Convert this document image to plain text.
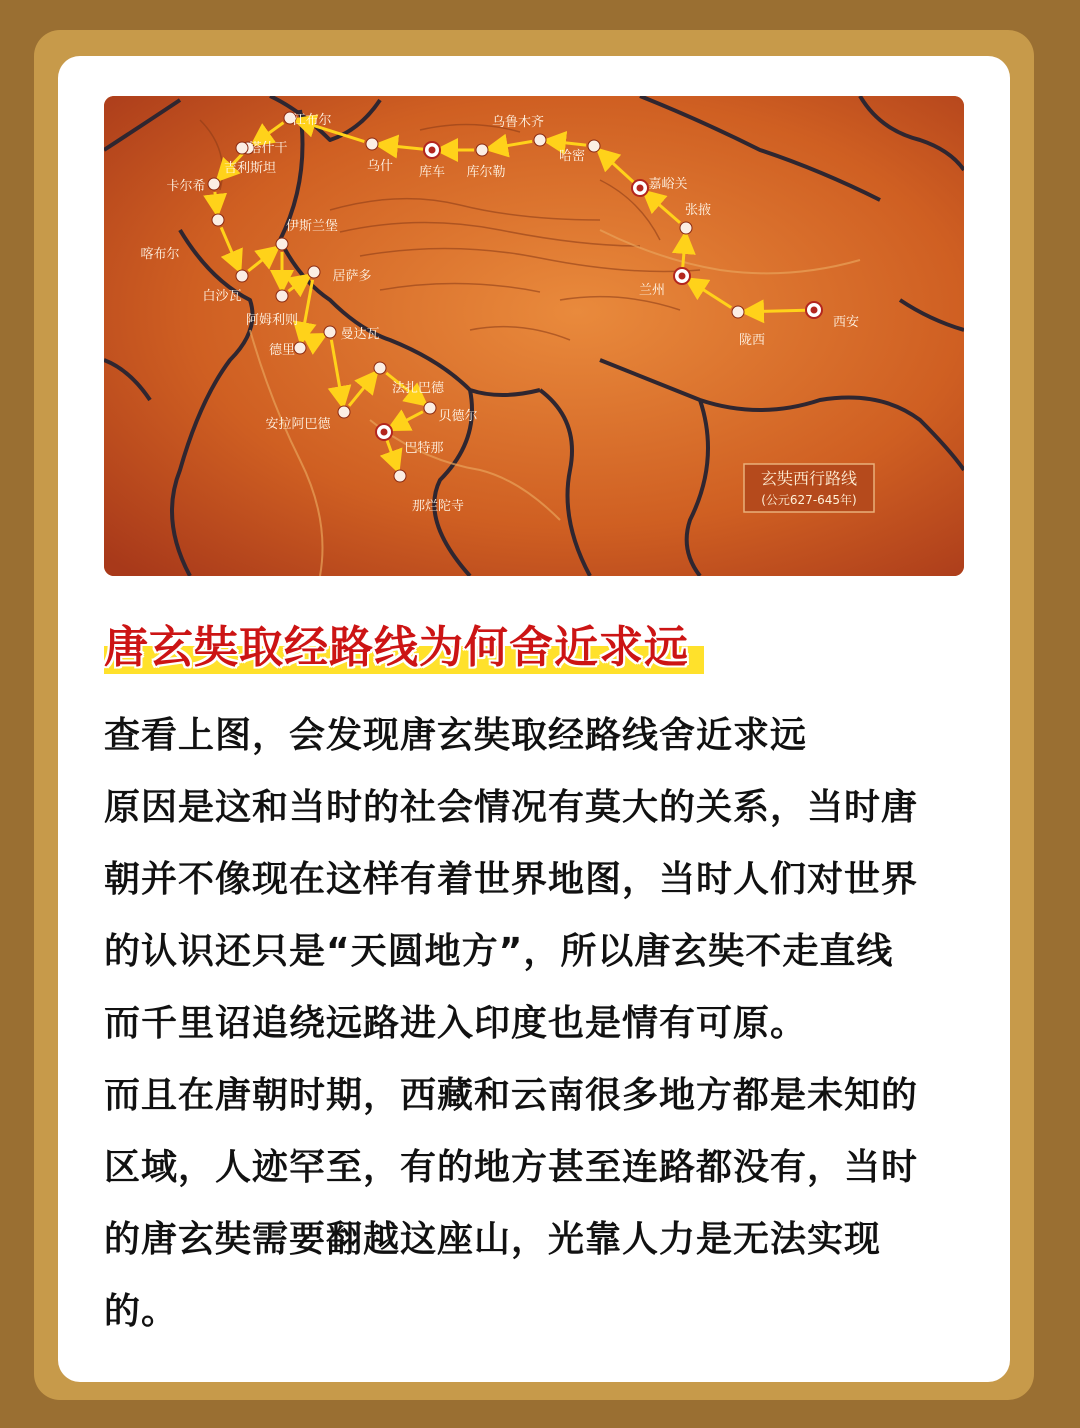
江布尔
塔什干
吉利斯坦
卡尔希
喀布尔
白沙瓦
伊斯兰堡
阿姆利则
居萨多
德里
曼达瓦
安拉阿巴德
法扎巴德
贝德尔
巴特那
那烂陀寺
乌什 库车 库尔勒
乌鲁木齐
哈密
嘉峪关
张掖
兰州
陇西
西安
玄奘西行路线
(公元627-645年)
唐玄奘取经路线为何舍近求远

查看上图，会发现唐玄奘取经路线舍近求远

原因是这和当时的社会情况有莫大的关系，当时唐

朝并不像现在这样有着世界地图，当时人们对世界

的认识还只是“天圆地方”，所以唐玄奘不走直线

而千里诏追绕远路进入印度也是情有可原。

而且在唐朝时期，西藏和云南很多地方都是未知的

区域，人迹罕至，有的地方甚至连路都没有，当时

的唐玄奘需要翻越这座山，光靠人力是无法实现

的。
